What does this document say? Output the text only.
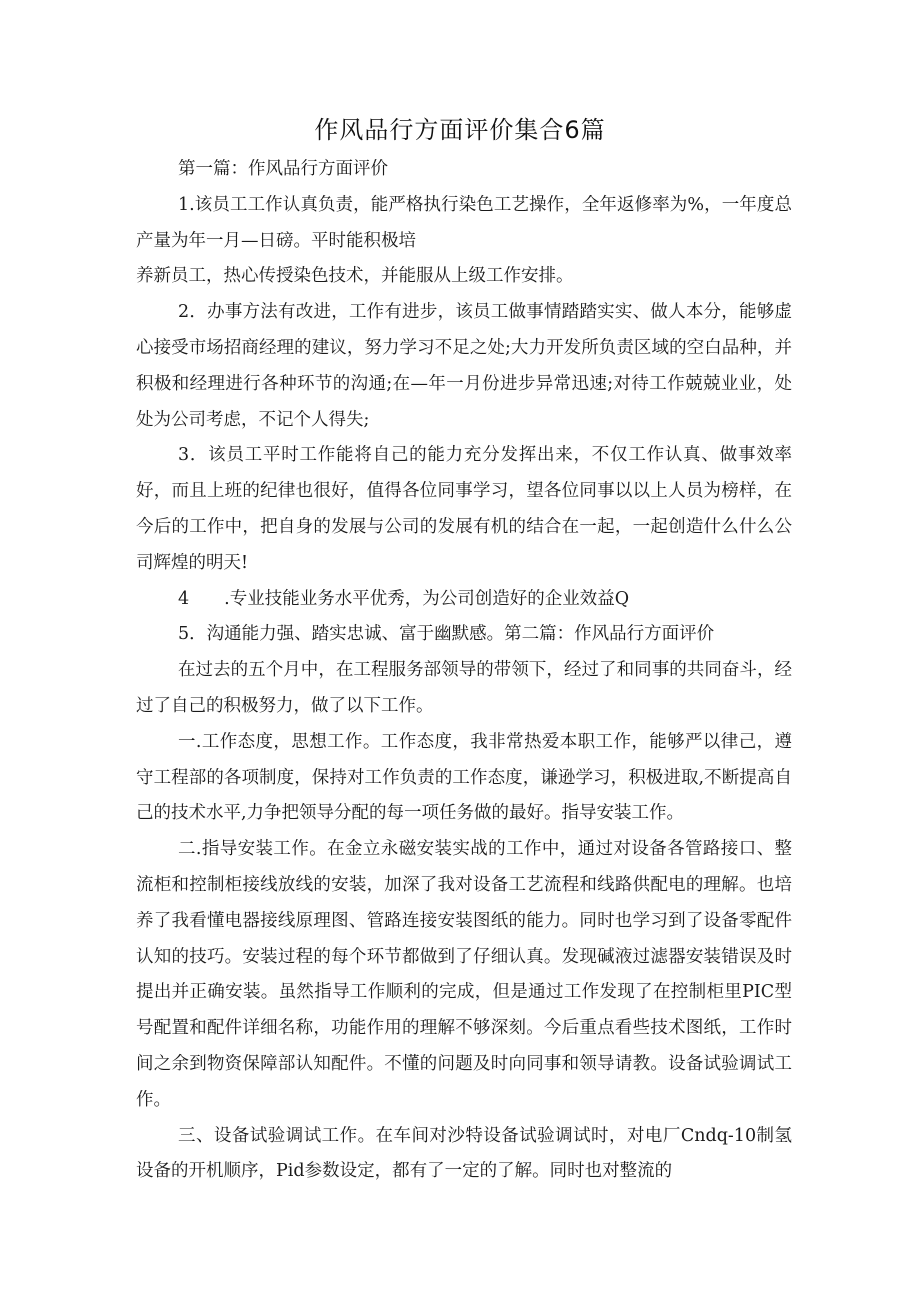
作风品行方面评价集合6篇

第一篇：作风品行方面评价

1.该员工工作认真负责，能严格执行染色工艺操作，全年返修率为%，一年度总产量为年一月—日磅。平时能积极培

养新员工，热心传授染色技术，并能服从上级工作安排。

2．办事方法有改进，工作有进步，该员工做事情踏踏实实、做人本分，能够虚心接受市场招商经理的建议，努力学习不足之处;大力开发所负责区域的空白品种，并积极和经理进行各种环节的沟通;在—年一月份进步异常迅速;对待工作兢兢业业，处处为公司考虑，不记个人得失;

3．该员工平时工作能将自己的能力充分发挥出来，不仅工作认真、做事效率好，而且上班的纪律也很好，值得各位同事学习，望各位同事以以上人员为榜样，在今后的工作中，把自身的发展与公司的发展有机的结合在一起，一起创造什么什么公司辉煌的明天!

4　　.专业技能业务水平优秀，为公司创造好的企业效益Q

5．沟通能力强、踏实忠诚、富于幽默感。第二篇：作风品行方面评价

在过去的五个月中，在工程服务部领导的带领下，经过了和同事的共同奋斗，经过了自己的积极努力，做了以下工作。

一.工作态度，思想工作。工作态度，我非常热爱本职工作，能够严以律己，遵守工程部的各项制度，保持对工作负责的工作态度，谦逊学习，积极进取,不断提高自己的技术水平,力争把领导分配的每一项任务做的最好。指导安装工作。

二.指导安装工作。在金立永磁安装实战的工作中，通过对设备各管路接口、整流柜和控制柜接线放线的安装，加深了我对设备工艺流程和线路供配电的理解。也培养了我看懂电器接线原理图、管路连接安装图纸的能力。同时也学习到了设备零配件认知的技巧。安装过程的每个环节都做到了仔细认真。发现碱液过滤器安装错误及时提出并正确安装。虽然指导工作顺利的完成，但是通过工作发现了在控制柜里PIC型号配置和配件详细名称，功能作用的理解不够深刻。今后重点看些技术图纸，工作时间之余到物资保障部认知配件。不懂的问题及时向同事和领导请教。设备试验调试工作。

三、设备试验调试工作。在车间对沙特设备试验调试时，对电厂Cndq-10制氢设备的开机顺序，Pid参数设定，都有了一定的了解。同时也对整流的
